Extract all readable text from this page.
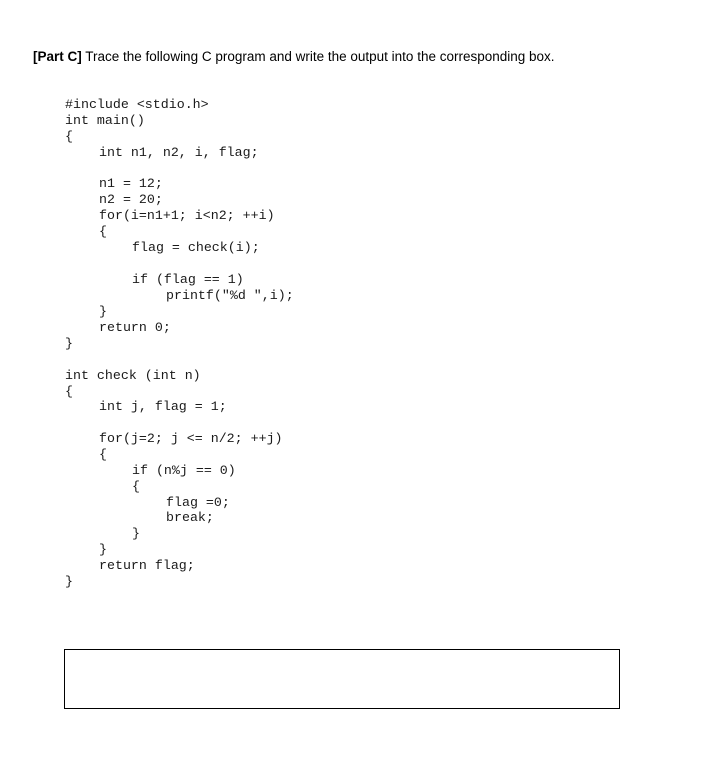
[Part C] Trace the following C program and write the output into the corresponding box.
#include <stdio.h>
int main()
{
int n1, n2, i, flag;
n1 = 12;
n2 = 20;
for(i=n1+1; i<n2; ++i)
{
flag = check(i);
if (flag == 1)
printf("%d ",i);
}
return 0;
}
int check (int n)
{
int j, flag = 1;
for(j=2; j <= n/2; ++j)
{
if (n%j == 0)
{
flag =0;
break;
}
}
return flag;
}
